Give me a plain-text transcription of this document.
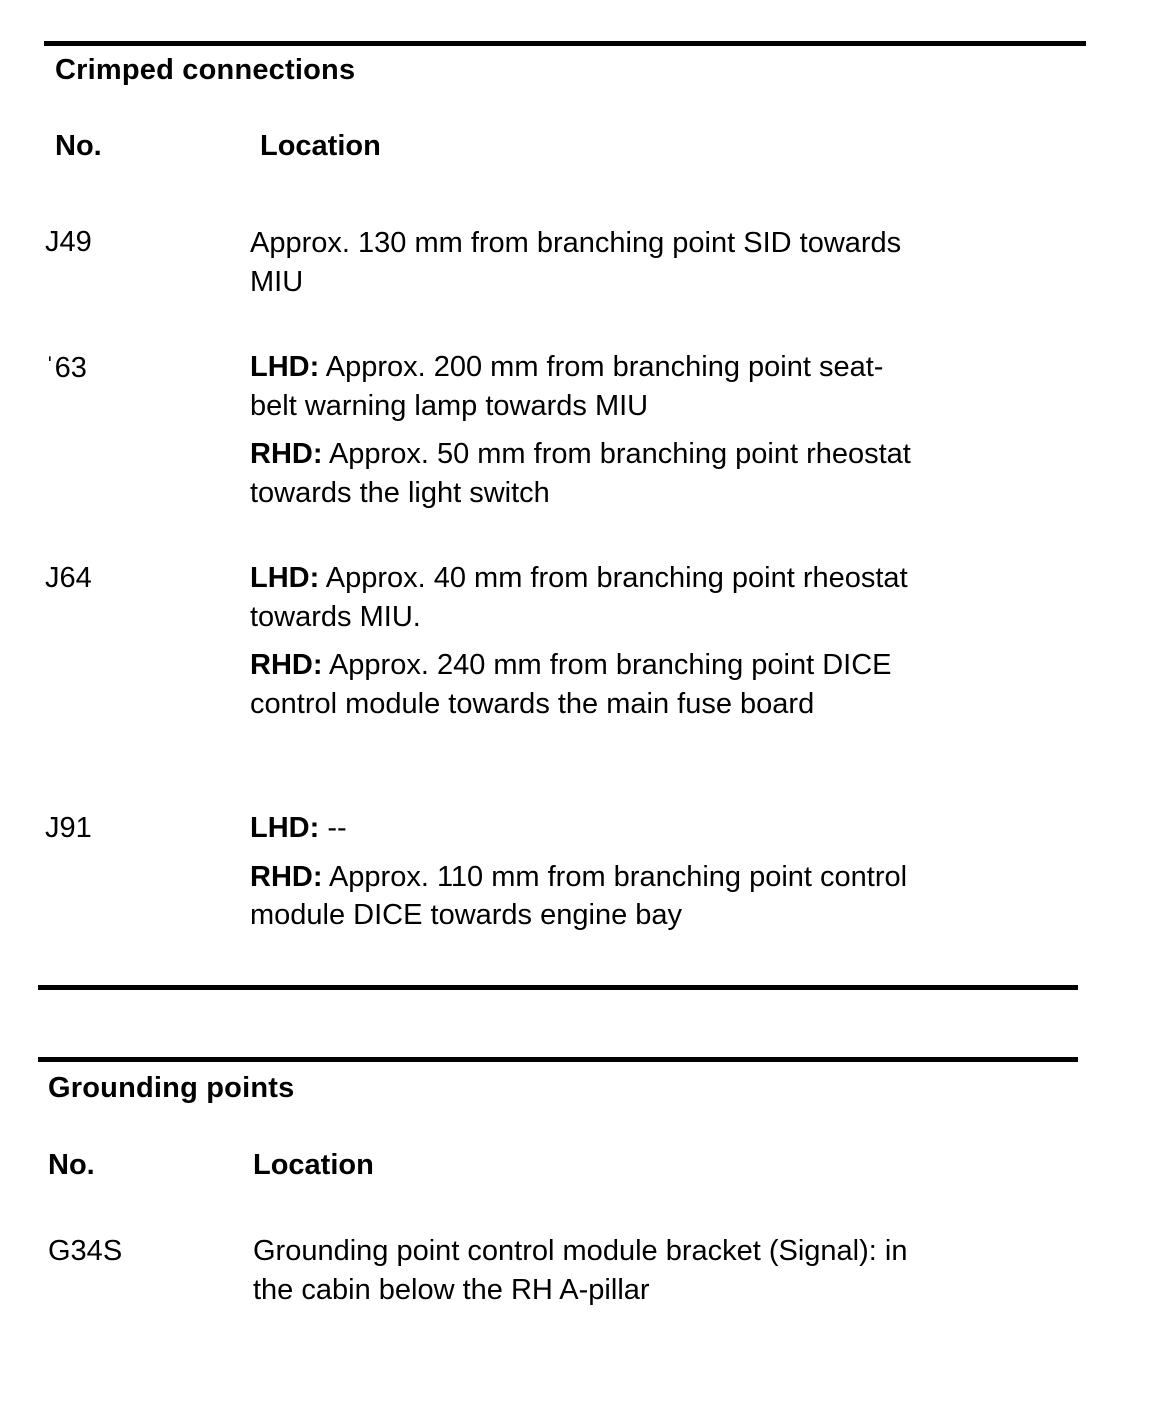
Crimped connections
No.	Location
J49	Approx. 130 mm from branching point SID towards MIU
ˈ63	LHD: Approx. 200 mm from branching point seat-belt warning lamp towards MIU
RHD: Approx. 50 mm from branching point rheostat towards the light switch
J64	LHD: Approx. 40 mm from branching point rheostat towards MIU.
RHD: Approx. 240 mm from branching point DICE control module towards the main fuse board
J91	LHD: --
RHD: Approx. 110 mm from branching point control module DICE towards engine bay
Grounding points
No.	Location
G34S	Grounding point control module bracket (Signal): in the cabin below the RH A-pillar
